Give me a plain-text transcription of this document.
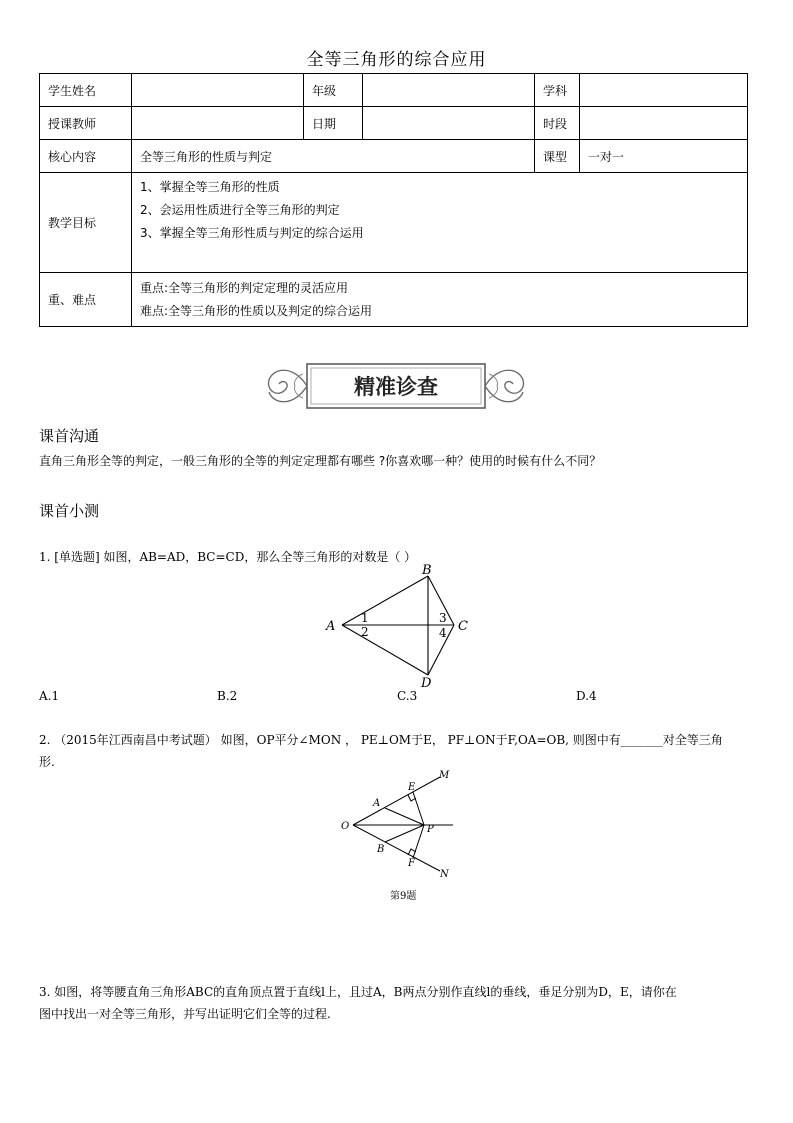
全等三角形的综合应用
学生姓名		年级		学科	
授课教师		日期		时段	
核心内容	全等三角形的性质与判定			课型	一对一
教学目标	1、掌握全等三角形的性质
2、会运用性质进行全等三角形的判定
3、掌握全等三角形性质与判定的综合运用				

重、难点	重点:全等三角形的判定定理的灵活应用
难点:全等三角形的性质以及判定的综合运用				
精准诊查
课首沟通
直角三角形全等的判定，一般三角形的全等的判定定理都有哪些 ?你喜欢哪一种？使用的时候有什么不同？
课首小测
1. [单选题] 如图，AB=AD，BC=CD，那么全等三角形的对数是（ ）
A
B
C
D
1
2
3
4
A.1	B.2	C.3	D.4
2. （2015年江西南昌中考试题） 如图，OP平分∠MON ， PE⊥OM于E， PF⊥ON于F,OA=OB, 则图中有_______对全等三角
形.
O
A
B
E
F
P
M
N
第9题
3. 如图，将等腰直角三角形ABC的直角顶点置于直线l上，且过A，B两点分别作直线l的垂线，垂足分别为D，E，请你在
图中找出一对全等三角形，并写出证明它们全等的过程.
